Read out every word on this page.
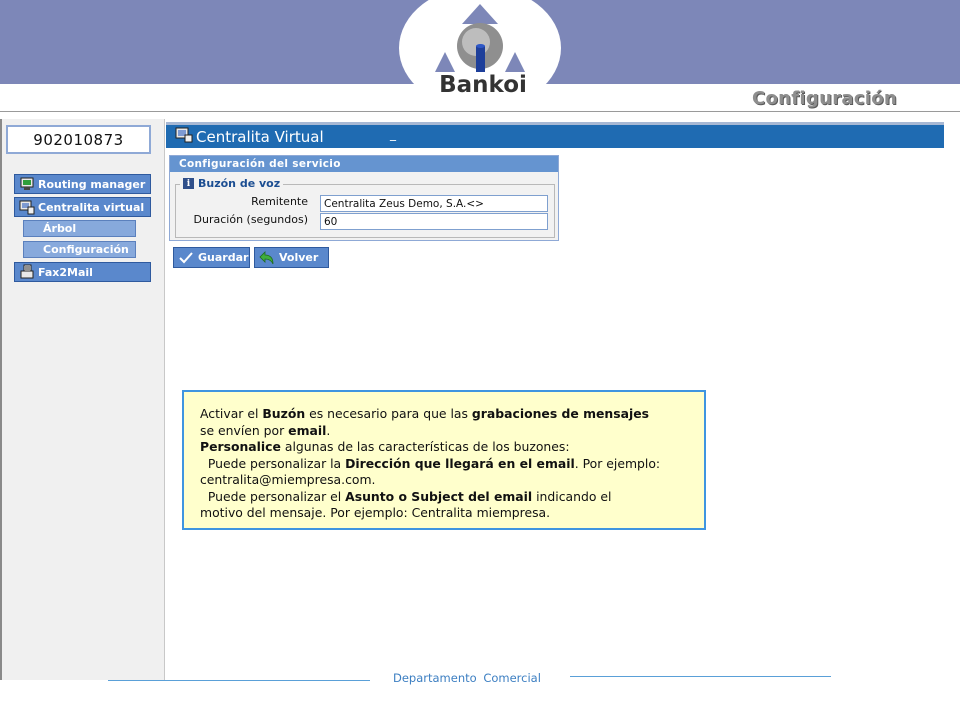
Bankoi
Configuración
902010873
Routing manager
Centralita virtual
Árbol
Configuración
Fax2Mail
Centralita Virtual	_
Configuración del servicio
i Buzón de voz
Remitente
Centralita Zeus Demo, S.A.<>
Duración (segundos)
60
Guardar	Volver
Activar el Buzón es necesario para que las grabaciones de mensajes
se envíen por email.
Personalice algunas de las características de los buzones:
Puede personalizar la Dirección que llegará en el email. Por ejemplo:
centralita@miempresa.com.
Puede personalizar el Asunto o Subject del email indicando el
motivo del mensaje. Por ejemplo: Centralita miempresa.
Departamento Comercial
